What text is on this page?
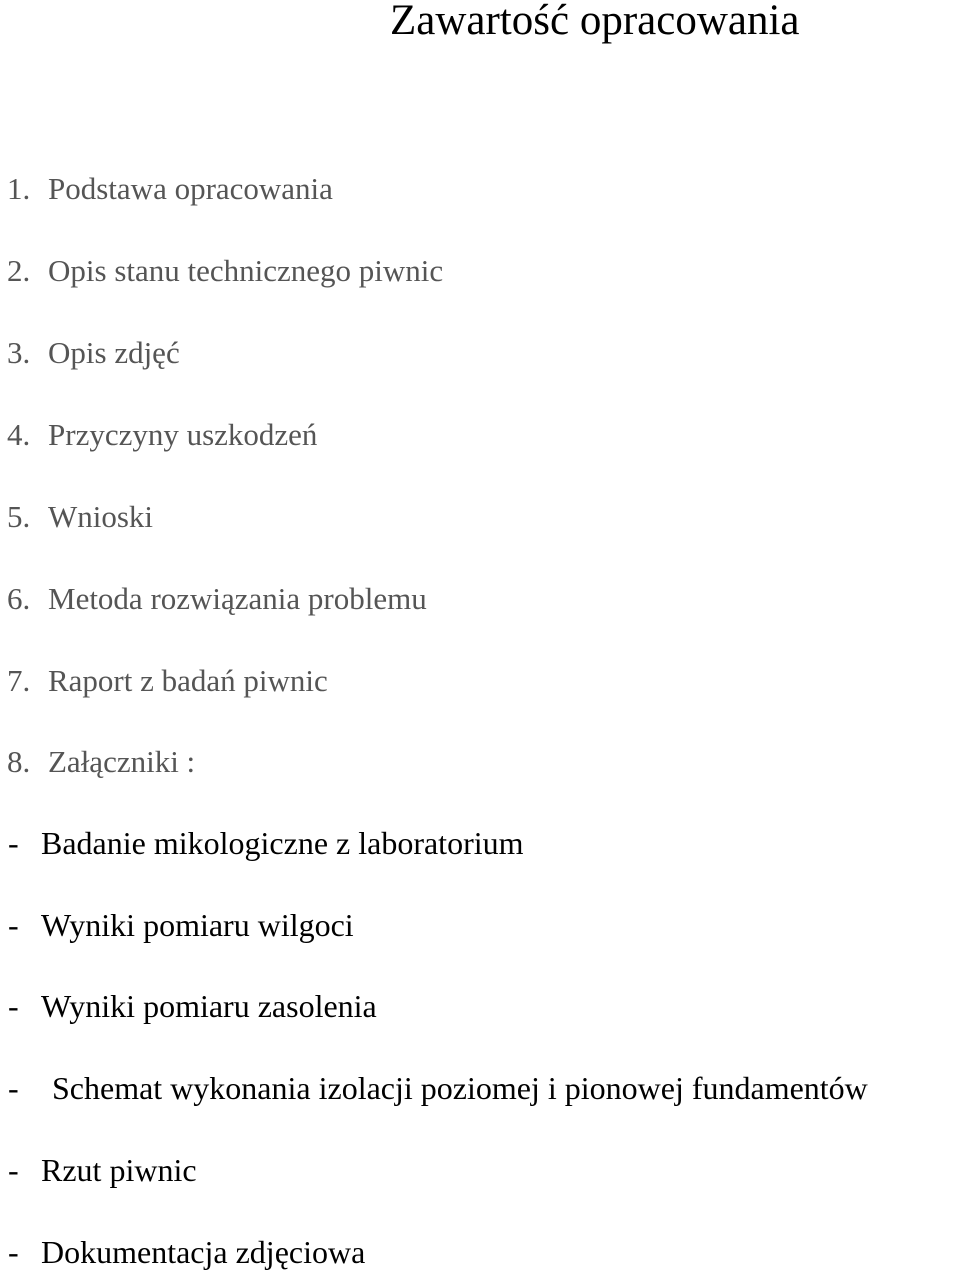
Zawartość opracowania
1. Podstawa opracowania
2. Opis stanu technicznego piwnic
3. Opis zdjęć
4. Przyczyny uszkodzeń
5. Wnioski
6. Metoda rozwiązania problemu
7. Raport z badań piwnic
8. Załączniki :
- Badanie mikologiczne z laboratorium
- Wyniki pomiaru wilgoci
- Wyniki pomiaru zasolenia
- Schemat wykonania izolacji poziomej i pionowej fundamentów
- Rzut piwnic
- Dokumentacja zdjęciowa
